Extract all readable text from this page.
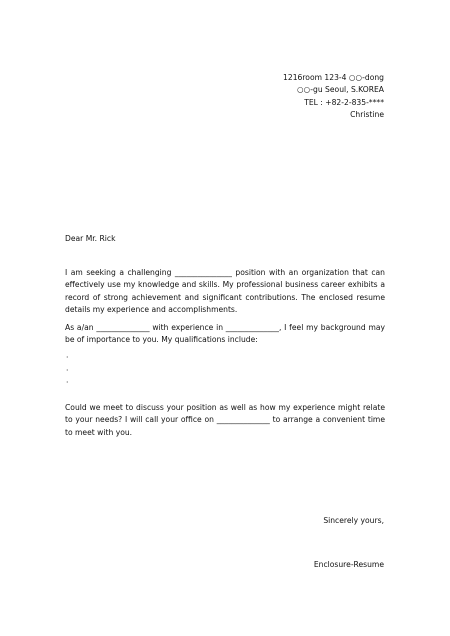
1216room 123-4 ○○-dong
○○-gu Seoul, S.KOREA
TEL : +82-2-835-****
Christine
Dear Mr. Rick
I am seeking a challenging _______________ position with an organization that can effectively use my knowledge and skills. My professional business career exhibits a record of strong achievement and significant contributions. The enclosed resume details my experience and accomplishments.
As a/an ______________ with experience in ______________, I feel my background may be of importance to you. My qualifications include:
·
·
·
Could we meet to discuss your position as well as how my experience might relate to your needs? I will call your office on ______________ to arrange a convenient time to meet with you.
Sincerely yours,
Enclosure-Resume
